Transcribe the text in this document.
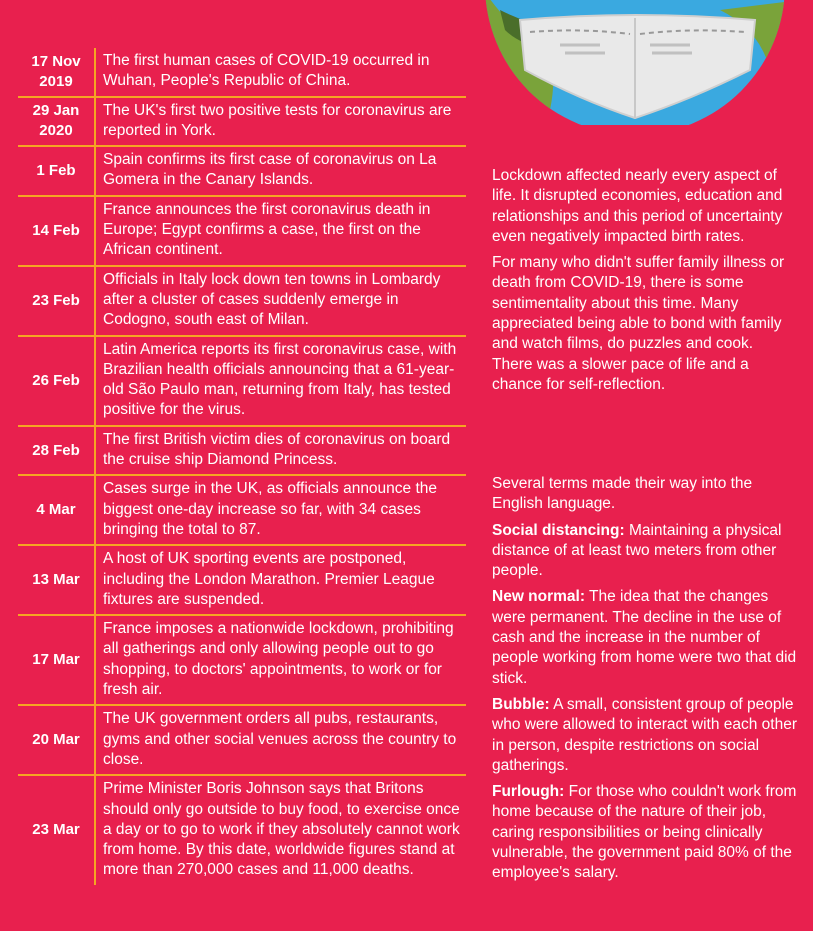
17 Nov
2019
The first human cases of COVID-19 occurred in Wuhan, People's Republic of China.
29 Jan
2020
The UK's first two positive tests for coronavirus are reported in York.
1 Feb
Spain confirms its first case of coronavirus on La Gomera in the Canary Islands.
14 Feb
France announces the first coronavirus death in Europe; Egypt confirms a case, the first on the African continent.
23 Feb
Officials in Italy lock down ten towns in Lombardy after a cluster of cases suddenly emerge in Codogno, south east of Milan.
26 Feb
Latin America reports its first coronavirus case, with Brazilian health officials announcing that a 61-year-old São Paulo man, returning from Italy, has tested positive for the virus.
28 Feb
The first British victim dies of coronavirus on board the cruise ship Diamond Princess.
4 Mar
Cases surge in the UK, as officials announce the biggest one-day increase so far, with 34 cases bringing the total to 87.
13 Mar
A host of UK sporting events are postponed, including the London Marathon. Premier League fixtures are suspended.
17 Mar
France imposes a nationwide lockdown, prohibiting all gatherings and only allowing people out to go shopping, to doctors' appointments, to work or for fresh air.
20 Mar
The UK government orders all pubs, restaurants, gyms and other social venues across the country to close.
23 Mar
Prime Minister Boris Johnson says that Britons should only go outside to buy food, to exercise once a day or to go to work if they absolutely cannot work from home. By this date, worldwide figures stand at more than 270,000 cases and 11,000 deaths.

Lockdown affected nearly every aspect of life. It disrupted economies, education and relationships and this period of uncertainty even negatively impacted birth rates.

For many who didn't suffer family illness or death from COVID-19, there is some sentimentality about this time. Many appreciated being able to bond with family and watch films, do puzzles and cook. There was a slower pace of life and a chance for self-reflection.

Several terms made their way into the English language.

Social distancing: Maintaining a physical distance of at least two meters from other people.

New normal: The idea that the changes were permanent. The decline in the use of cash and the increase in the number of people working from home were two that did stick.

Bubble: A small, consistent group of people who were allowed to interact with each other in person, despite restrictions on social gatherings.

Furlough: For those who couldn't work from home because of the nature of their job, caring responsibilities or being clinically vulnerable, the government paid 80% of the employee's salary.
